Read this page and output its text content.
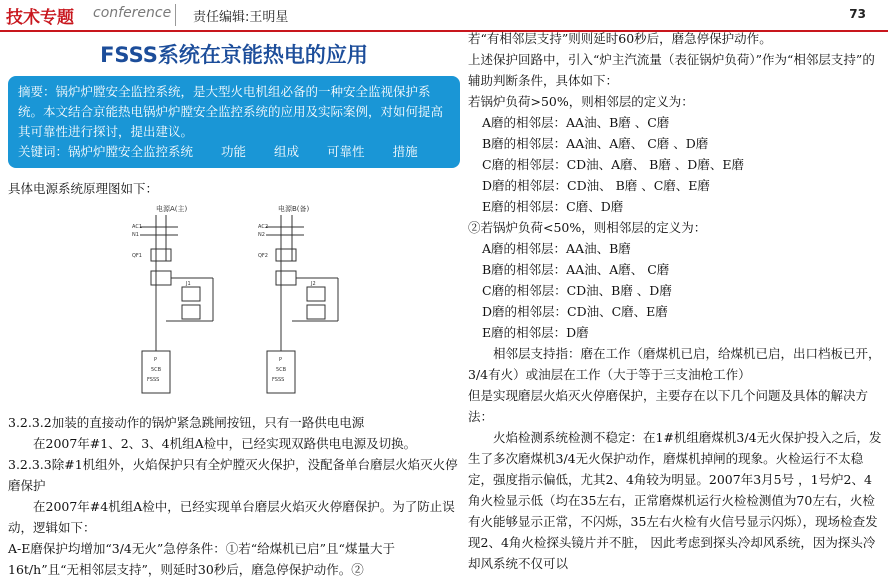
技术专题 conference 责任编辑:王明星	73
FSSS系统在京能热电的应用

摘要：锅炉炉膛安全监控系统，是大型火电机组必备的一种安全监视保护系统。本文结合京能热电锅炉炉膛安全监控系统的应用及实际案例，对如何提高其可靠性进行探讨，提出建议。

关键词：锅炉炉膛安全监控系统 功能 组成 可靠性 措施

具体电源系统原理图如下：

电源A(主)	电源B(备)
AC1
N1
AC2
N2
QF1	QF2
J1	J2
P
5CB
FSSS
P
5CB
FSSS

3.2.3.2加装的直接动作的锅炉紧急跳闸按钮，只有一路供电电源

在2007年#1、2、3、4机组A检中，已经实现双路供电电源及切换。

3.2.3.3除#1机组外，火焰保护只有全炉膛灭火保护，没配备单台磨层火焰灭火停磨保护

在2007年#4机组A检中，已经实现单台磨层火焰灭火停磨保护。为了防止误动，逻辑如下：

A-E磨保护均增加“3/4无火”急停条件：①若“给煤机已启”且“煤量大于16t/h”且“无相邻层支持”，则延时30秒后，磨急停保护动作。②

若“有相邻层支持”则则延时60秒后，磨急停保护动作。

上述保护回路中，引入“炉主汽流量（表征锅炉负荷）”作为“相邻层支持”的辅助判断条件，具体如下：

若锅炉负荷>50%，则相邻层的定义为：

A磨的相邻层：AA油、B磨 、C磨

B磨的相邻层：AA油、A磨、 C磨 、D磨

C磨的相邻层：CD油、A磨、 B磨 、D磨、E磨

D磨的相邻层：CD油、 B磨 、C磨、E磨

E磨的相邻层：C磨、D磨

②若锅炉负荷<50%，则相邻层的定义为：

A磨的相邻层：AA油、B磨

B磨的相邻层：AA油、A磨、 C磨

C磨的相邻层：CD油、B磨 、D磨

D磨的相邻层：CD油、C磨、E磨

E磨的相邻层：D磨

相邻层支持指：磨在工作（磨煤机已启，给煤机已启，出口档板已开，3/4有火）或油层在工作（大于等于三支油枪工作）

但是实现磨层火焰灭火停磨保护，主要存在以下几个问题及具体的解决方法：

火焰检测系统检测不稳定：在1#机组磨煤机3/4无火保护投入之后，发生了多次磨煤机3/4无火保护动作，磨煤机掉闸的现象。火检运行不太稳定，强度指示偏低，尤其2、4角较为明显。2007年3月5号 ，1号炉2、4角火检显示低（均在35左右，正常磨煤机运行火检检测值为70左右，火检有火能够显示正常，不闪烁，35左右火检有火信号显示闪烁），现场检查发现2、4角火检探头镜片并不脏， 因此考虑到探头冷却风系统，因为探头冷却风系统不仅可以
